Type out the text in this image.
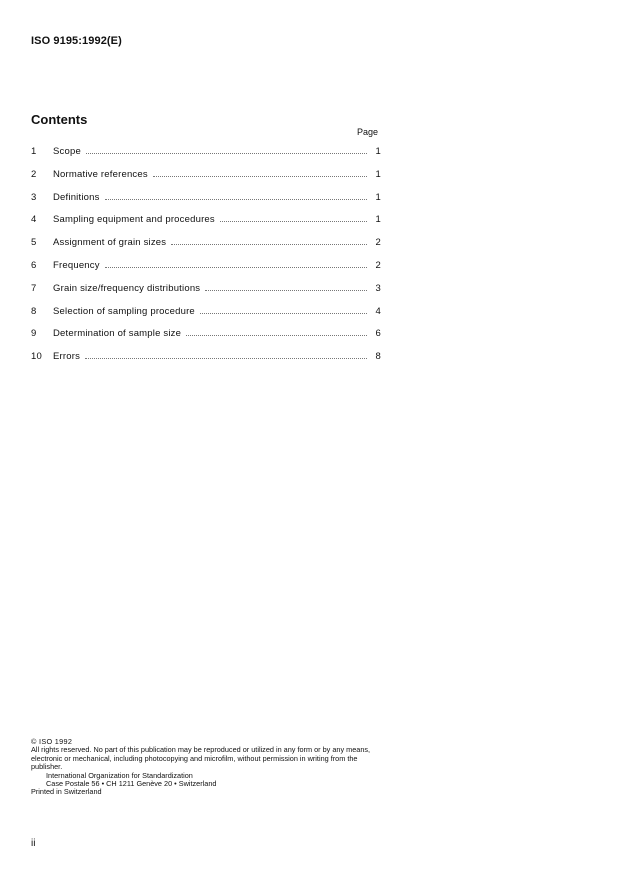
ISO 9195:1992(E)
Contents
Page
1	Scope	1
2	Normative references	1
3	Definitions	1
4	Sampling equipment and procedures	1
5	Assignment of grain sizes	2
6	Frequency	2
7	Grain size/frequency distributions	3
8	Selection of sampling procedure	4
9	Determination of sample size	6
10	Errors	8
© ISO 1992
All rights reserved. No part of this publication may be reproduced or utilized in any form or by any means, electronic or mechanical, including photocopying and microfilm, without permission in writing from the publisher.
International Organization for Standardization
Case Postale 56 • CH 1211 Genève 20 • Switzerland
Printed in Switzerland
ii
